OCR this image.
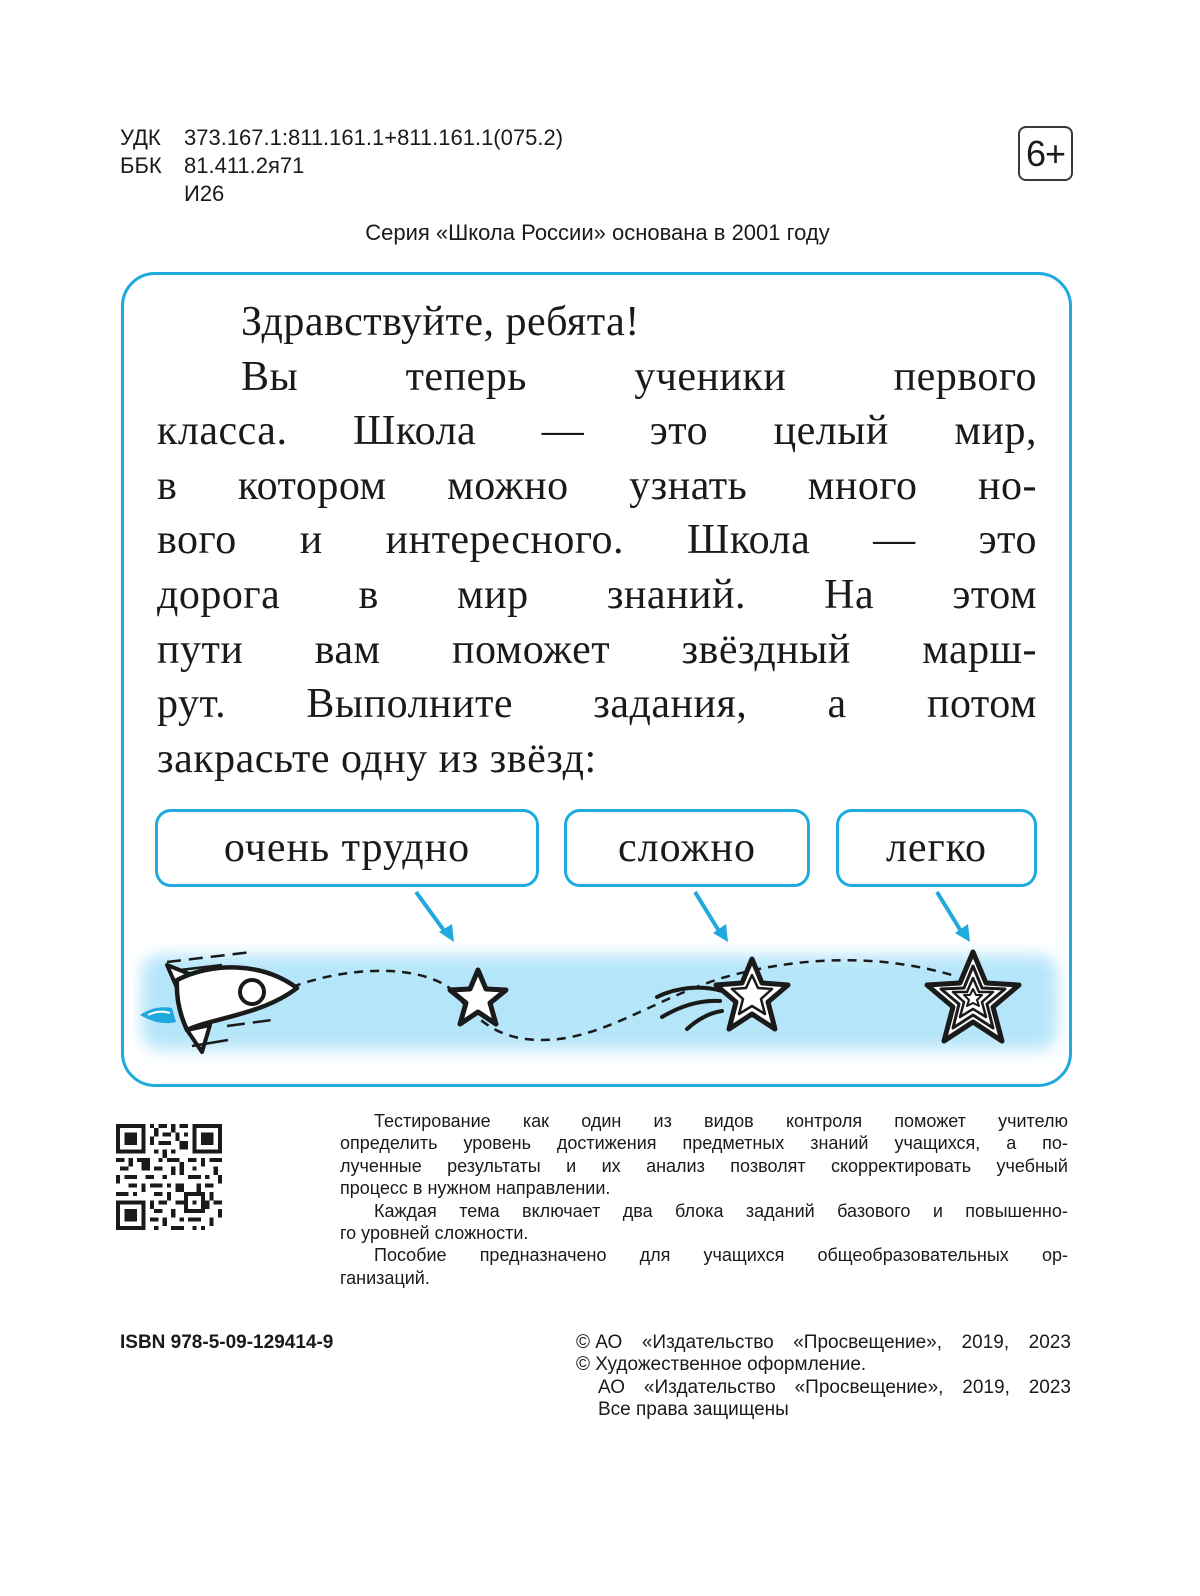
УДК	373.167.1:811.161.1+811.161.1(075.2)
ББК	81.411.2я71
И26
6+
Серия «Школа России» основана в 2001 году
Здравствуйте, ребята!
Вы	теперь	ученики	первого
класса. Школа — это целый мир,
в котором можно узнать много но-
вого и интересного. Школа — это
дорога в мир знаний. На этом
пути вам поможет звёздный марш-
рут. Выполните задания, а потом
закрасьте одну из звёзд:
очень трудно	сложно	легко
Тестирование как один из видов контроля поможет учителю
определить уровень достижения предметных знаний учащихся, а по-
лученные результаты и их анализ позволят скорректировать учебный
процесс в нужном направлении.
Каждая тема включает два блока заданий базового и повышенно-
го уровней сложности.
Пособие предназначено для учащихся общеобразовательных ор-
ганизаций.
ISBN 978-5-09-129414-9	© АО «Издательство «Просвещение», 2019, 2023
© Художественное оформление.
АО «Издательство «Просвещение», 2019, 2023
Все права защищены
